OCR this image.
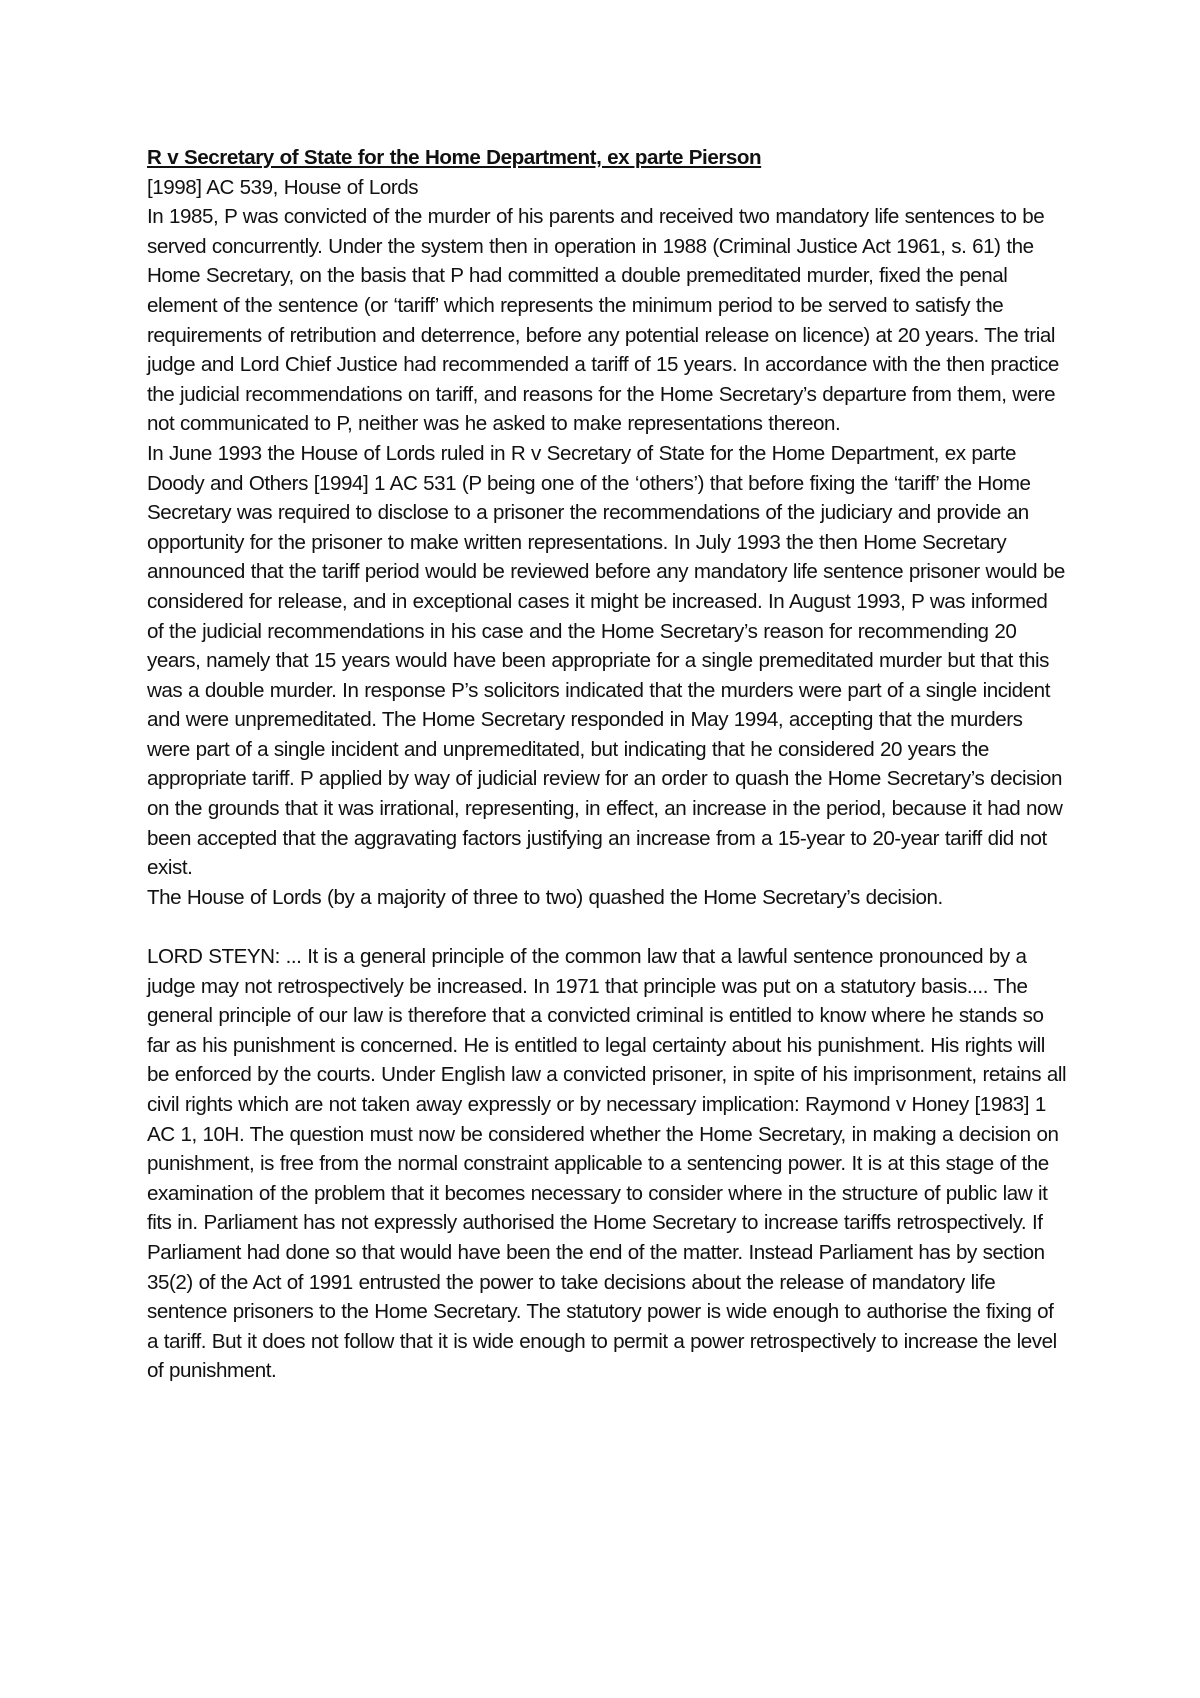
R v Secretary of State for the Home Department, ex parte Pierson

[1998] AC 539, House of Lords

In 1985, P was convicted of the murder of his parents and received two mandatory life sentences to be served concurrently. Under the system then in operation in 1988 (Criminal Justice Act 1961, s. 61) the Home Secretary, on the basis that P had committed a double premeditated murder, fixed the penal element of the sentence (or ‘tariff’ which represents the minimum period to be served to satisfy the requirements of retribution and deterrence, before any potential release on licence) at 20 years. The trial judge and Lord Chief Justice had recommended a tariff of 15 years. In accordance with the then practice the judicial recommendations on tariff, and reasons for the Home Secretary’s departure from them, were not communicated to P, neither was he asked to make representations thereon.

In June 1993 the House of Lords ruled in R v Secretary of State for the Home Department, ex parte Doody and Others [1994] 1 AC 531 (P being one of the ‘others’) that before fixing the ‘tariff’ the Home Secretary was required to disclose to a prisoner the recommendations of the judiciary and provide an opportunity for the prisoner to make written representations. In July 1993 the then Home Secretary announced that the tariff period would be reviewed before any mandatory life sentence prisoner would be considered for release, and in exceptional cases it might be increased. In August 1993, P was informed of the judicial recommendations in his case and the Home Secretary’s reason for recommending 20 years, namely that 15 years would have been appropriate for a single premeditated murder but that this was a double murder. In response P’s solicitors indicated that the murders were part of a single incident and were unpremeditated. The Home Secretary responded in May 1994, accepting that the murders were part of a single incident and unpremeditated, but indicating that he considered 20 years the appropriate tariff. P applied by way of judicial review for an order to quash the Home Secretary’s decision on the grounds that it was irrational, representing, in effect, an increase in the period, because it had now been accepted that the aggravating factors justifying an increase from a 15-year to 20-year tariff did not exist.

The House of Lords (by a majority of three to two) quashed the Home Secretary’s decision.

LORD STEYN: ... It is a general principle of the common law that a lawful sentence pronounced by a judge may not retrospectively be increased. In 1971 that principle was put on a statutory basis.... The general principle of our law is therefore that a convicted criminal is entitled to know where he stands so far as his punishment is concerned. He is entitled to legal certainty about his punishment. His rights will be enforced by the courts. Under English law a convicted prisoner, in spite of his imprisonment, retains all civil rights which are not taken away expressly or by necessary implication: Raymond v Honey [1983] 1 AC 1, 10H. The question must now be considered whether the Home Secretary, in making a decision on punishment, is free from the normal constraint applicable to a sentencing power. It is at this stage of the examination of the problem that it becomes necessary to consider where in the structure of public law it fits in. Parliament has not expressly authorised the Home Secretary to increase tariffs retrospectively. If Parliament had done so that would have been the end of the matter. Instead Parliament has by section 35(2) of the Act of 1991 entrusted the power to take decisions about the release of mandatory life sentence prisoners to the Home Secretary. The statutory power is wide enough to authorise the fixing of a tariff. But it does not follow that it is wide enough to permit a power retrospectively to increase the level of punishment.
